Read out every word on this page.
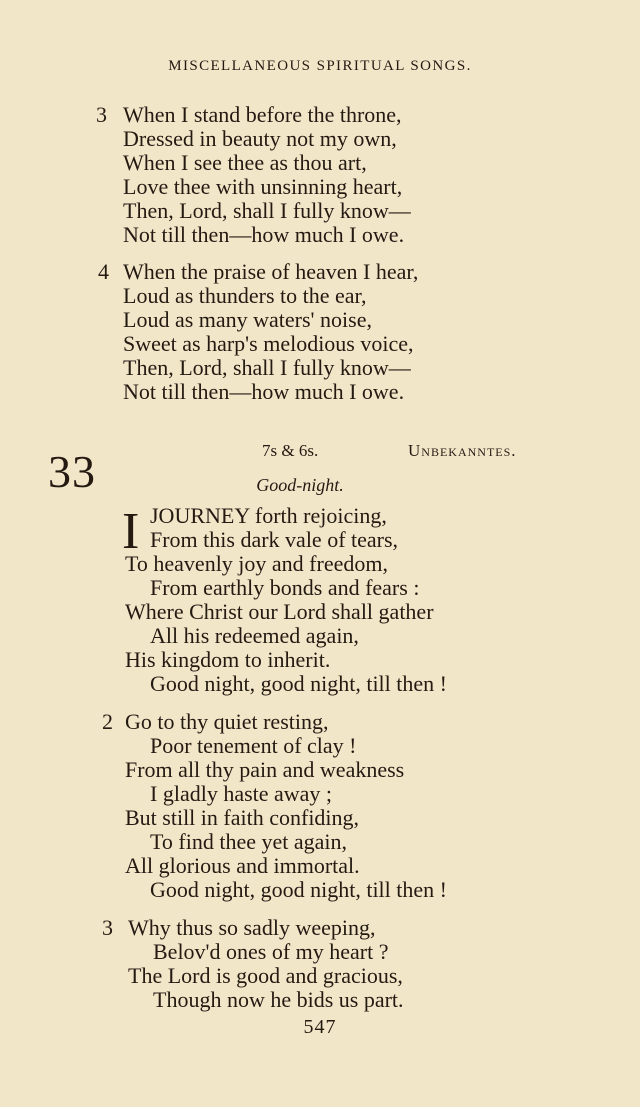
MISCELLANEOUS SPIRITUAL SONGS.
3 When I stand before the throne,
Dressed in beauty not my own,
When I see thee as thou art,
Love thee with unsinning heart,
Then, Lord, shall I fully know—
Not till then—how much I owe.
4 When the praise of heaven I hear,
Loud as thunders to the ear,
Loud as many waters' noise,
Sweet as harp's melodious voice,
Then, Lord, shall I fully know—
Not till then—how much I owe.
33	7s & 6s.	Unbekanntes.
Good-night.
I JOURNEY forth rejoicing,
From this dark vale of tears,
To heavenly joy and freedom,
From earthly bonds and fears :
Where Christ our Lord shall gather
All his redeemed again,
His kingdom to inherit.
Good night, good night, till then !
2 Go to thy quiet resting,
Poor tenement of clay !
From all thy pain and weakness
I gladly haste away ;
But still in faith confiding,
To find thee yet again,
All glorious and immortal.
Good night, good night, till then !
3 Why thus so sadly weeping,
Belov'd ones of my heart ?
The Lord is good and gracious,
Though now he bids us part.
547
